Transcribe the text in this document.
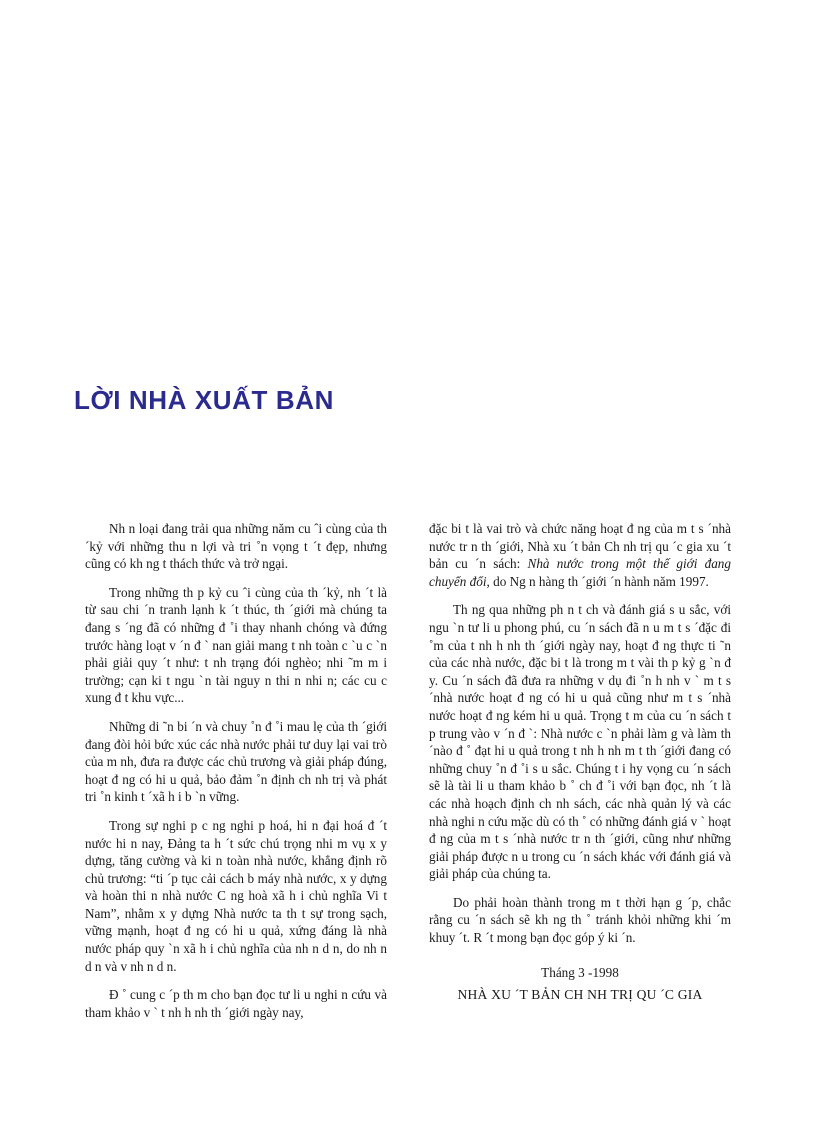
LỜI NHÀ XUẤT BẢN

Nh n loại đang trải qua những năm cu ˆi cùng của th ´kỷ với những thu n lợi và tri ˚n vọng t ´t đẹp, nhưng cũng có kh ng t thách thức và trở ngại.

Trong những th p kỷ cu ˆi cùng của th ´kỷ, nh ´t là từ sau chi ´n tranh lạnh k ´t thúc, th ´giới mà chúng ta đang s ´ng đã có những đ ˚i thay nhanh chóng và đứng trước hàng loạt v ´n đ ` nan giải mang t nh toàn c ˋu c ˋn phải giải quy ´t như: t nh trạng đói nghèo; nhi ˜m m i trường; cạn ki t ngu ˋn tài nguy n thi n nhi n; các cu c xung đ t khu vực...

Những di ˜n bi ´n và chuy ˚n đ ˚i mau lẹ của th ´giới đang đòi hỏi bức xúc các nhà nước phải tư duy lại vai trò của m nh, đưa ra được các chủ trương và giải pháp đúng, hoạt đ ng có hi u quả, bảo đảm ˚n định ch nh trị và phát tri ˚n kinh t ´xã h i b ˋn vững.

Trong sự nghi p c ng nghi p hoá, hi n đại hoá đ ´t nước hi n nay, Đảng ta h ´t sức chú trọng nhi m vụ x y dựng, tăng cường và ki n toàn nhà nước, khẳng định rõ chủ trương: “ti ´p tục cải cách b máy nhà nước, x y dựng và hoàn thi n nhà nước C ng hoà xã h i chủ nghĩa Vi t Nam”, nhằm x y dựng Nhà nước ta th t sự trong sạch, vững mạnh, hoạt đ ng có hi u quả, xứng đáng là nhà nước pháp quy ˋn xã h i chủ nghĩa của nh n d n, do nh n d n và v nh n d n.

Đ ˚ cung c ´p th m cho bạn đọc tư li u nghi n cứu và tham khảo v ` t nh h nh th ´giới ngày nay,

đặc bi t là vai trò và chức năng hoạt đ ng của m t s ´nhà nước tr n th ´giới, Nhà xu ´t bản Ch nh trị qu ´c gia xu ´t bản cu ´n sách: Nhà nước trong một thế giới đang chuyển đổi, do Ng n hàng th ´giới ´n hành năm 1997.

Th ng qua những ph n t ch và đánh giá s u sắc, với ngu ˋn tư li u phong phú, cu ´n sách đã n u m t s ´đặc đi ˚m của t nh h nh th ´giới ngày nay, hoạt đ ng thực ti ˜n của các nhà nước, đặc bi t là trong m t vài th p kỷ g ˋn đ y. Cu ´n sách đã đưa ra những v dụ đi ˚n h nh v ` m t s ´nhà nước hoạt đ ng có hi u quả cũng như m t s ´nhà nước hoạt đ ng kém hi u quả. Trọng t m của cu ´n sách t p trung vào v ´n đ ˋ: Nhà nước c ˋn phải làm g và làm th ´nào đ ˚ đạt hi u quả trong t nh h nh m t th ´giới đang có những chuy ˚n đ ˚i s u sắc. Chúng t i hy vọng cu ´n sách sẽ là tài li u tham khảo b ˚ ch đ ˚i với bạn đọc, nh ´t là các nhà hoạch định ch nh sách, các nhà quản lý và các nhà nghi n cứu mặc dù có th ˚ có những đánh giá v ` hoạt đ ng của m t s ´nhà nước tr n th ´giới, cũng như những giải pháp được n u trong cu ´n sách khác với đánh giá và giải pháp của chúng ta.

Do phải hoàn thành trong m t thời hạn g ´p, chắc rằng cu ´n sách sẽ kh ng th ˚ tránh khỏi những khi ´m khuy ´t. R ´t mong bạn đọc góp ý ki ´n.

Tháng 3 -1998

NHÀ XU ´T BẢN CH NH TRỊ QU ´C GIA
